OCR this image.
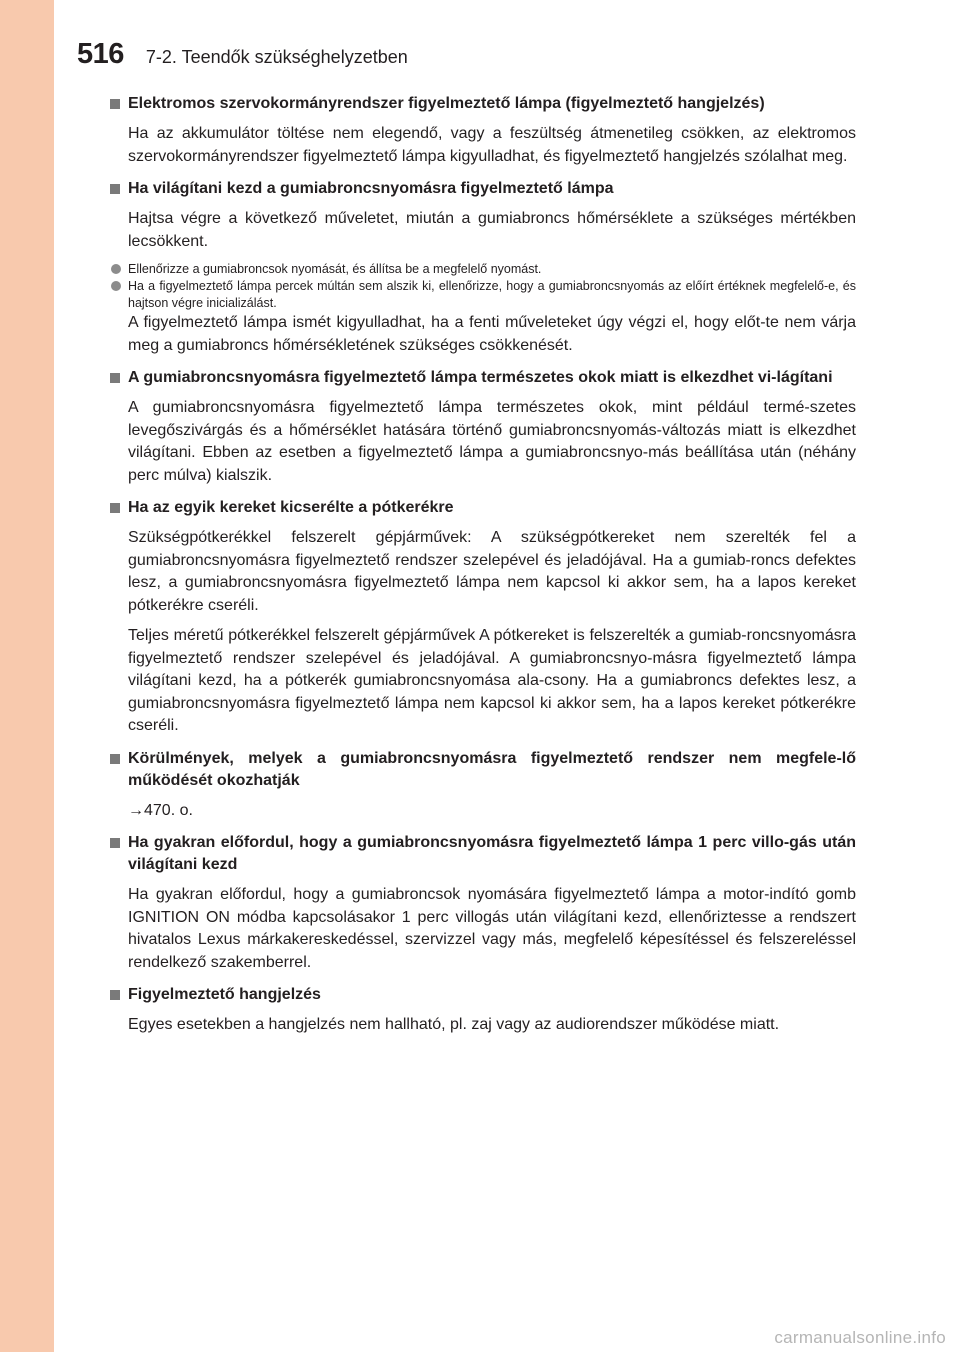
516 7-2. Teendők szükséghelyzetben
Elektromos szervokormányrendszer figyelmeztető lámpa (figyelmeztető hangjelzés)
Ha az akkumulátor töltése nem elegendő, vagy a feszültség átmenetileg csökken, az elektromos szervokormányrendszer figyelmeztető lámpa kigyulladhat, és figyelmeztető hangjelzés szólalhat meg.
Ha világítani kezd a gumiabroncsnyomásra figyelmeztető lámpa
Hajtsa végre a következő műveletet, miután a gumiabroncs hőmérséklete a szükséges mértékben lecsökkent.
Ellenőrizze a gumiabroncsok nyomását, és állítsa be a megfelelő nyomást.
Ha a figyelmeztető lámpa percek múltán sem alszik ki, ellenőrizze, hogy a gumiabroncsnyomás az előírt értéknek megfelelő-e, és hajtson végre inicializálást.
A figyelmeztető lámpa ismét kigyulladhat, ha a fenti műveleteket úgy végzi el, hogy előt-te nem várja meg a gumiabroncs hőmérsékletének szükséges csökkenését.
A gumiabroncsnyomásra figyelmeztető lámpa természetes okok miatt is elkezdhet vi-lágítani
A gumiabroncsnyomásra figyelmeztető lámpa természetes okok, mint például termé-szetes levegőszivárgás és a hőmérséklet hatására történő gumiabroncsnyomás-változás miatt is elkezdhet világítani. Ebben az esetben a figyelmeztető lámpa a gumiabroncsnyo-más beállítása után (néhány perc múlva) kialszik.
Ha az egyik kereket kicserélte a pótkerékre
Szükségpótkerékkel felszerelt gépjárművek: A szükségpótkereket nem szerelték fel a gumiabroncsnyomásra figyelmeztető rendszer szelepével és jeladójával. Ha a gumiab-roncs defektes lesz, a gumiabroncsnyomásra figyelmeztető lámpa nem kapcsol ki akkor sem, ha a lapos kereket pótkerékre cseréli.
Teljes méretű pótkerékkel felszerelt gépjárművek A pótkereket is felszerelték a gumiab-roncsnyomásra figyelmeztető rendszer szelepével és jeladójával. A gumiabroncsnyo-másra figyelmeztető lámpa világítani kezd, ha a pótkerék gumiabroncsnyomása ala-csony. Ha a gumiabroncs defektes lesz, a gumiabroncsnyomásra figyelmeztető lámpa nem kapcsol ki akkor sem, ha a lapos kereket pótkerékre cseréli.
Körülmények, melyek a gumiabroncsnyomásra figyelmeztető rendszer nem megfele-lő működését okozhatják
→470. o.
Ha gyakran előfordul, hogy a gumiabroncsnyomásra figyelmeztető lámpa 1 perc villo-gás után világítani kezd
Ha gyakran előfordul, hogy a gumiabroncsok nyomására figyelmeztető lámpa a motor-indító gomb IGNITION ON módba kapcsolásakor 1 perc villogás után világítani kezd, ellenőriztesse a rendszert hivatalos Lexus márkakereskedéssel, szervizzel vagy más, megfelelő képesítéssel és felszereléssel rendelkező szakemberrel.
Figyelmeztető hangjelzés
Egyes esetekben a hangjelzés nem hallható, pl. zaj vagy az audiorendszer működése miatt.
carmanualsonline.info
